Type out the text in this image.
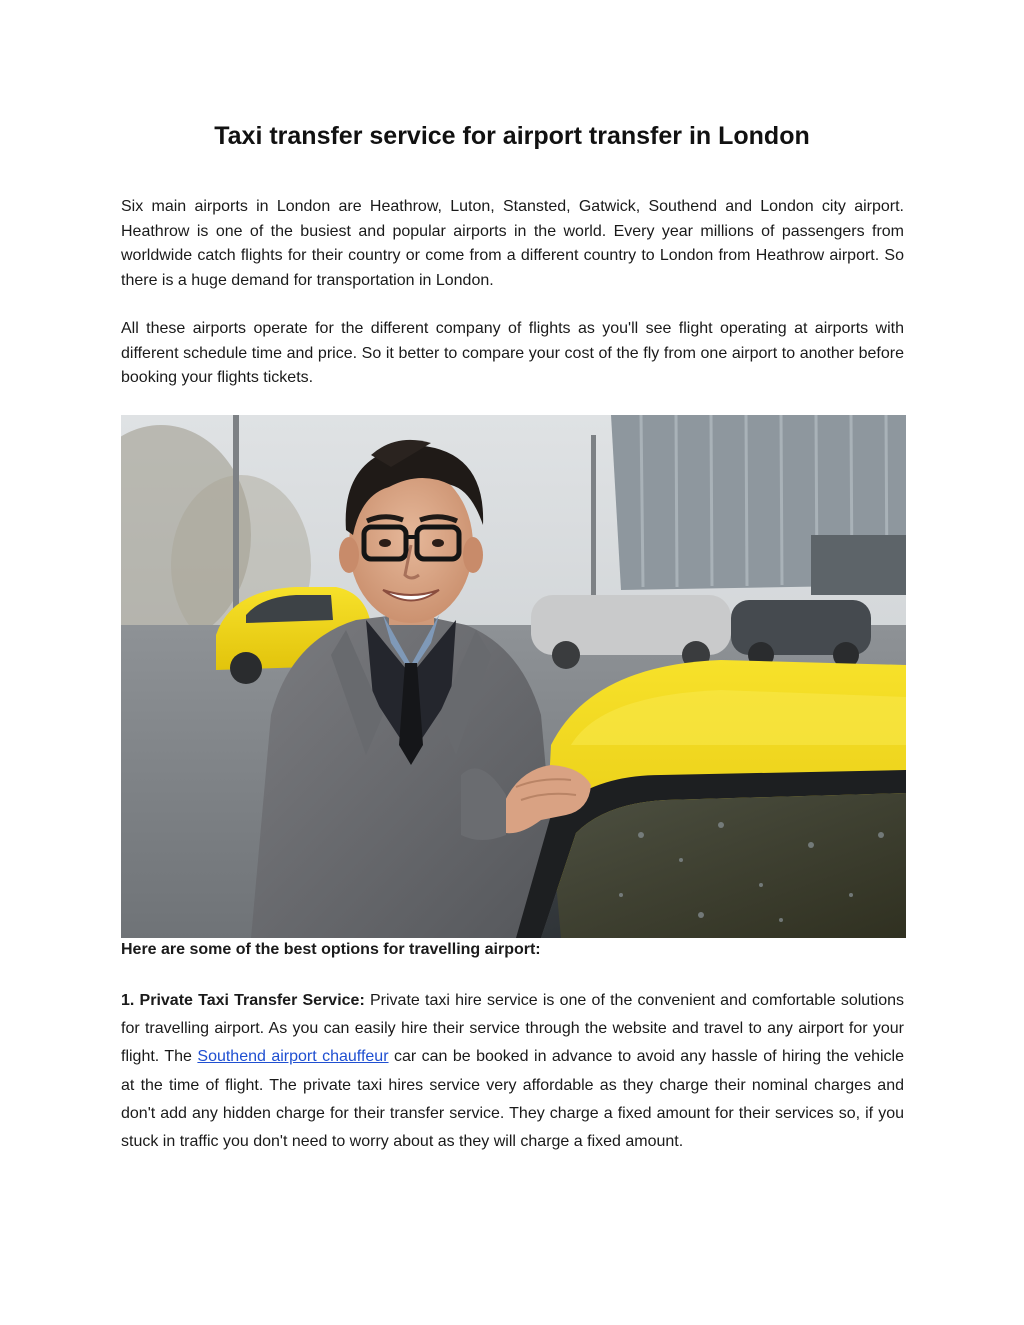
Taxi transfer service for airport transfer in London

Six main airports in London are Heathrow, Luton, Stansted, Gatwick, Southend and London city airport. Heathrow is one of the busiest and popular airports in the world. Every year millions of passengers from worldwide catch flights for their country or come from a different country to London from Heathrow airport. So there is a huge demand for transportation in London.

All these airports operate for the different company of flights as you'll see flight operating at airports with different schedule time and price. So it better to compare your cost of the fly from one airport to another before booking your flights tickets.

Here are some of the best options for travelling airport:

1. Private Taxi Transfer Service: Private taxi hire service is one of the convenient and comfortable solutions for travelling airport. As you can easily hire their service through the website and travel to any airport for your flight. The Southend airport chauffeur car can be booked in advance to avoid any hassle of hiring the vehicle at the time of flight. The private taxi hires service very affordable as they charge their nominal charges and don't add any hidden charge for their transfer service. They charge a fixed amount for their services so, if you stuck in traffic you don't need to worry about as they will charge a fixed amount.
